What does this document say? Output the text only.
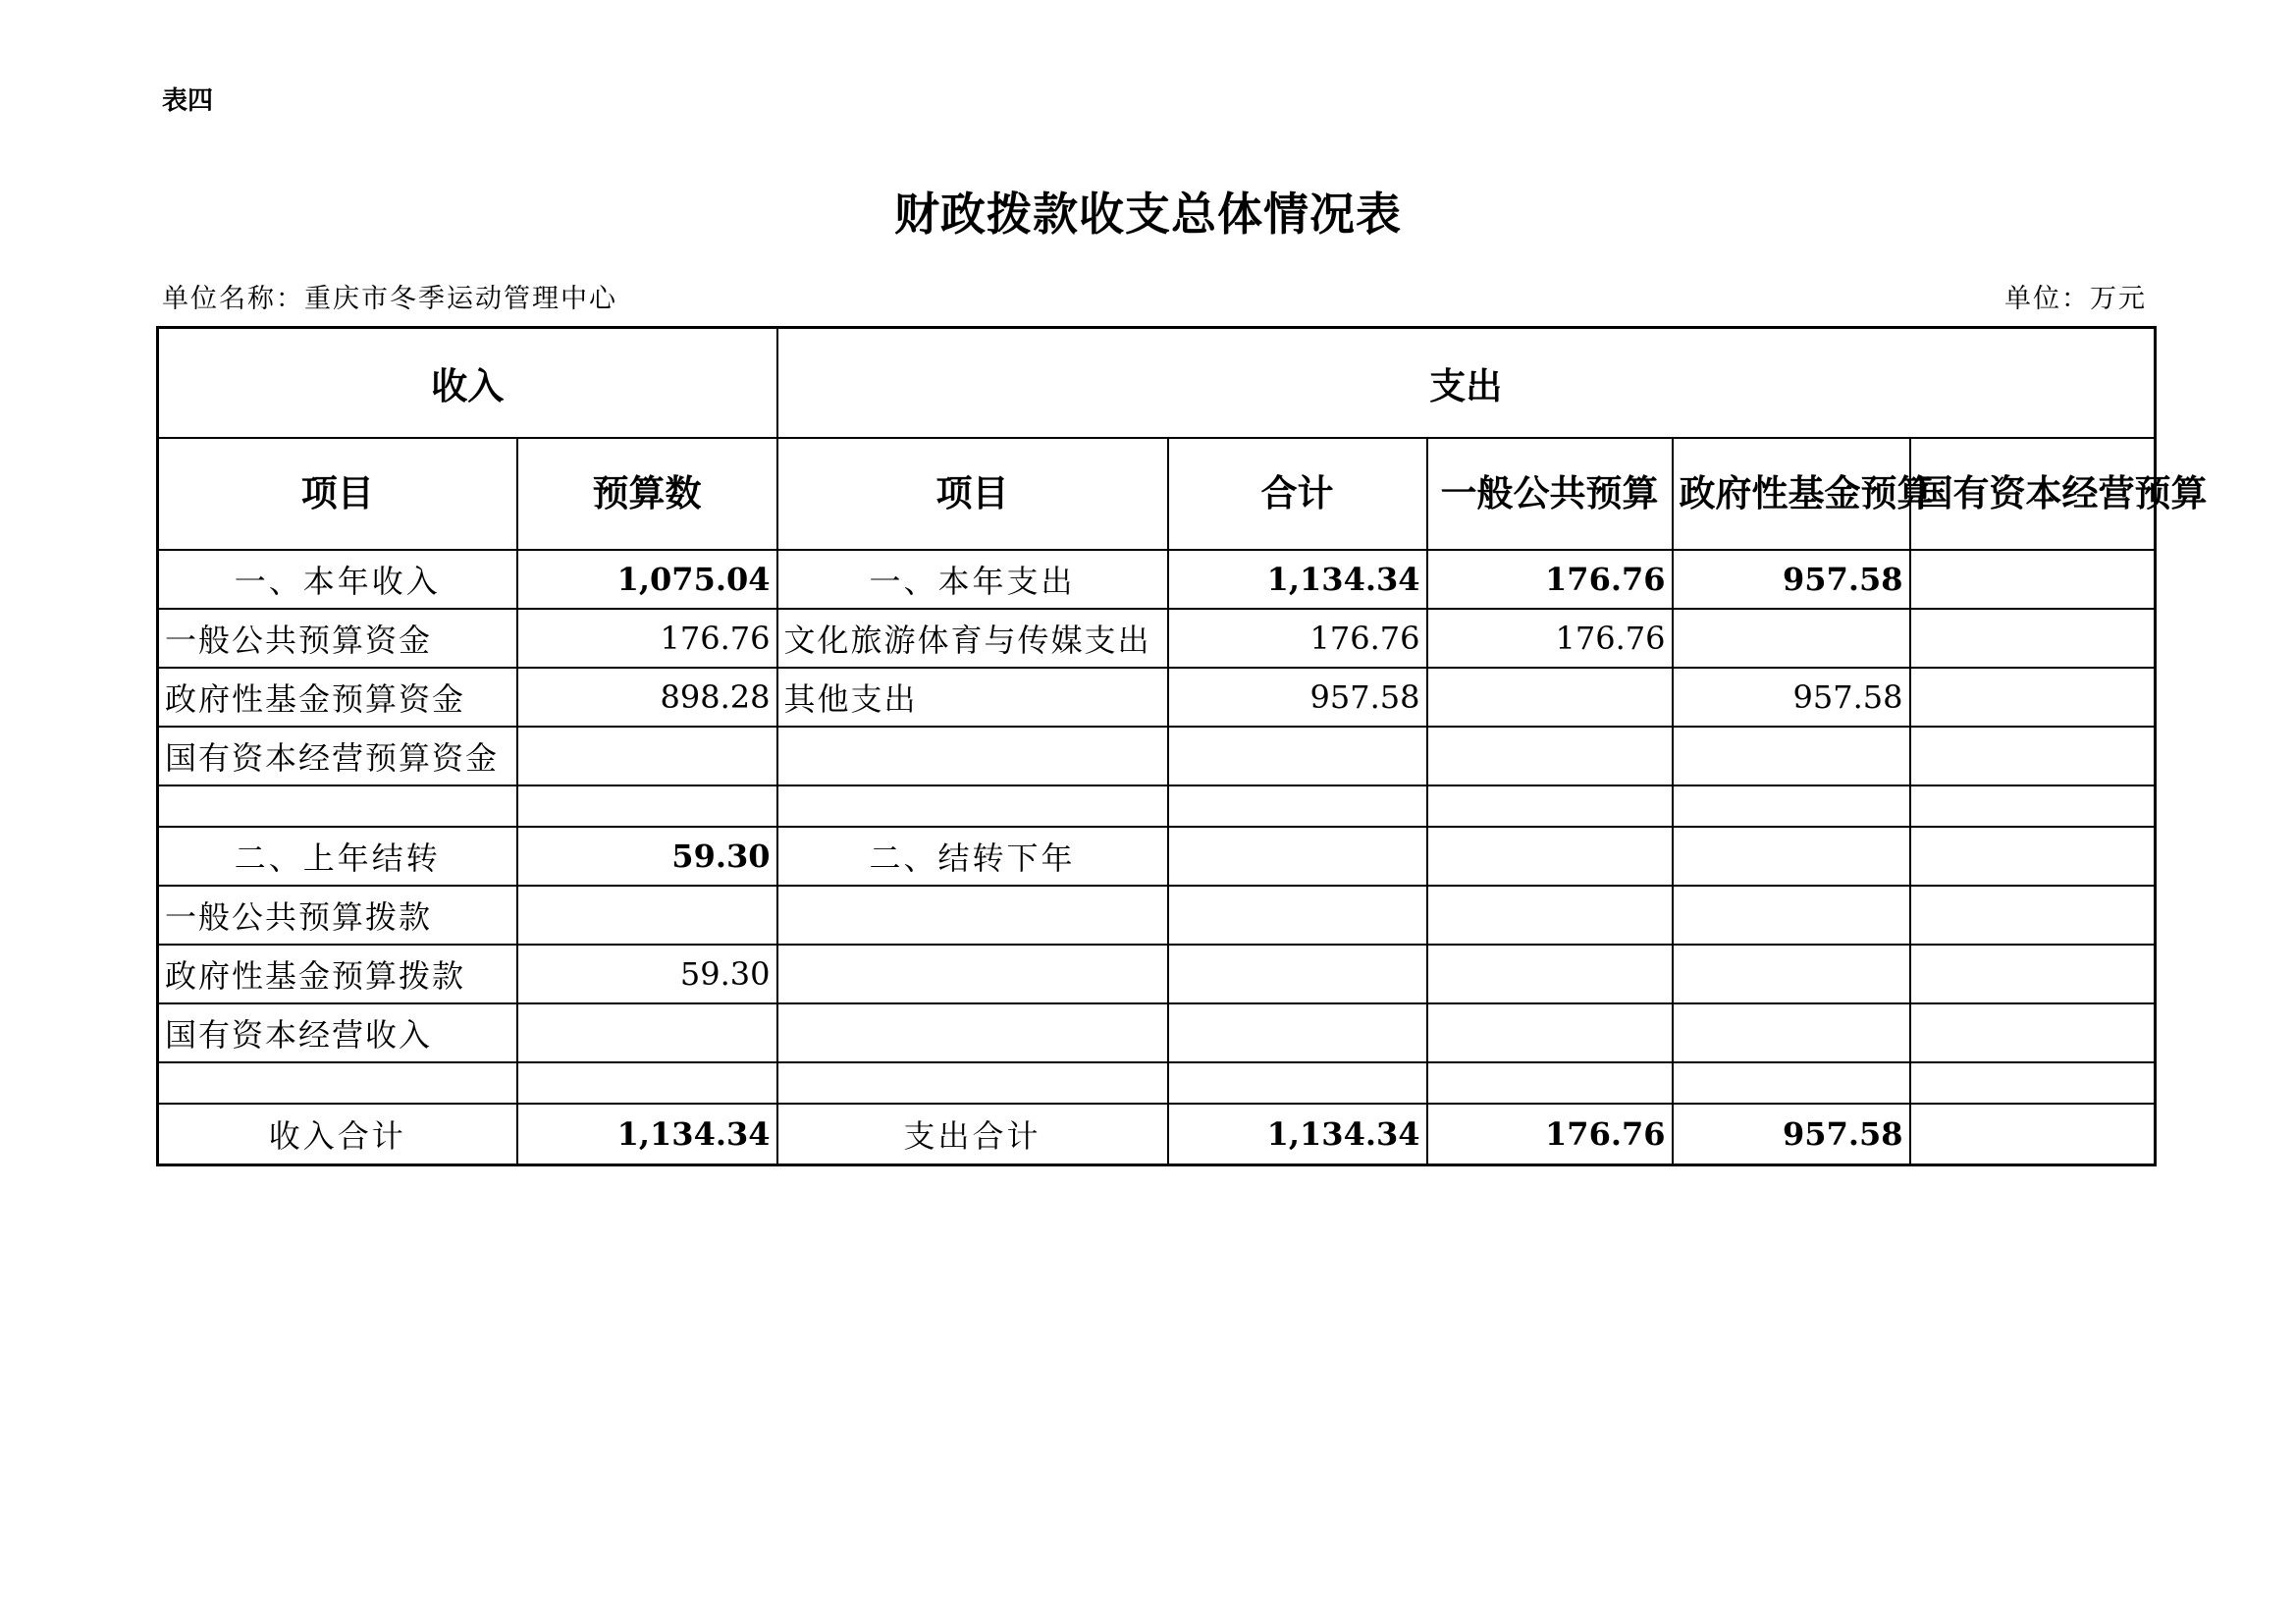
表四
财政拨款收支总体情况表
单位名称：重庆市冬季运动管理中心	单位：万元
收入		支出				
项目	预算数	项目	合计	一般公共预算	政府性基金预算	国有资本经营预算
一、本年收入	1,075.04	一、本年支出	1,134.34	176.76	957.58	
一般公共预算资金	176.76	文化旅游体育与传媒支出	176.76	176.76		
政府性基金预算资金	898.28	其他支出	957.58		957.58	
国有资本经营预算资金						

二、上年结转	59.30	二、结转下年				
一般公共预算拨款						
政府性基金预算拨款	59.30					
国有资本经营收入						

收入合计	1,134.34	支出合计	1,134.34	176.76	957.58	
